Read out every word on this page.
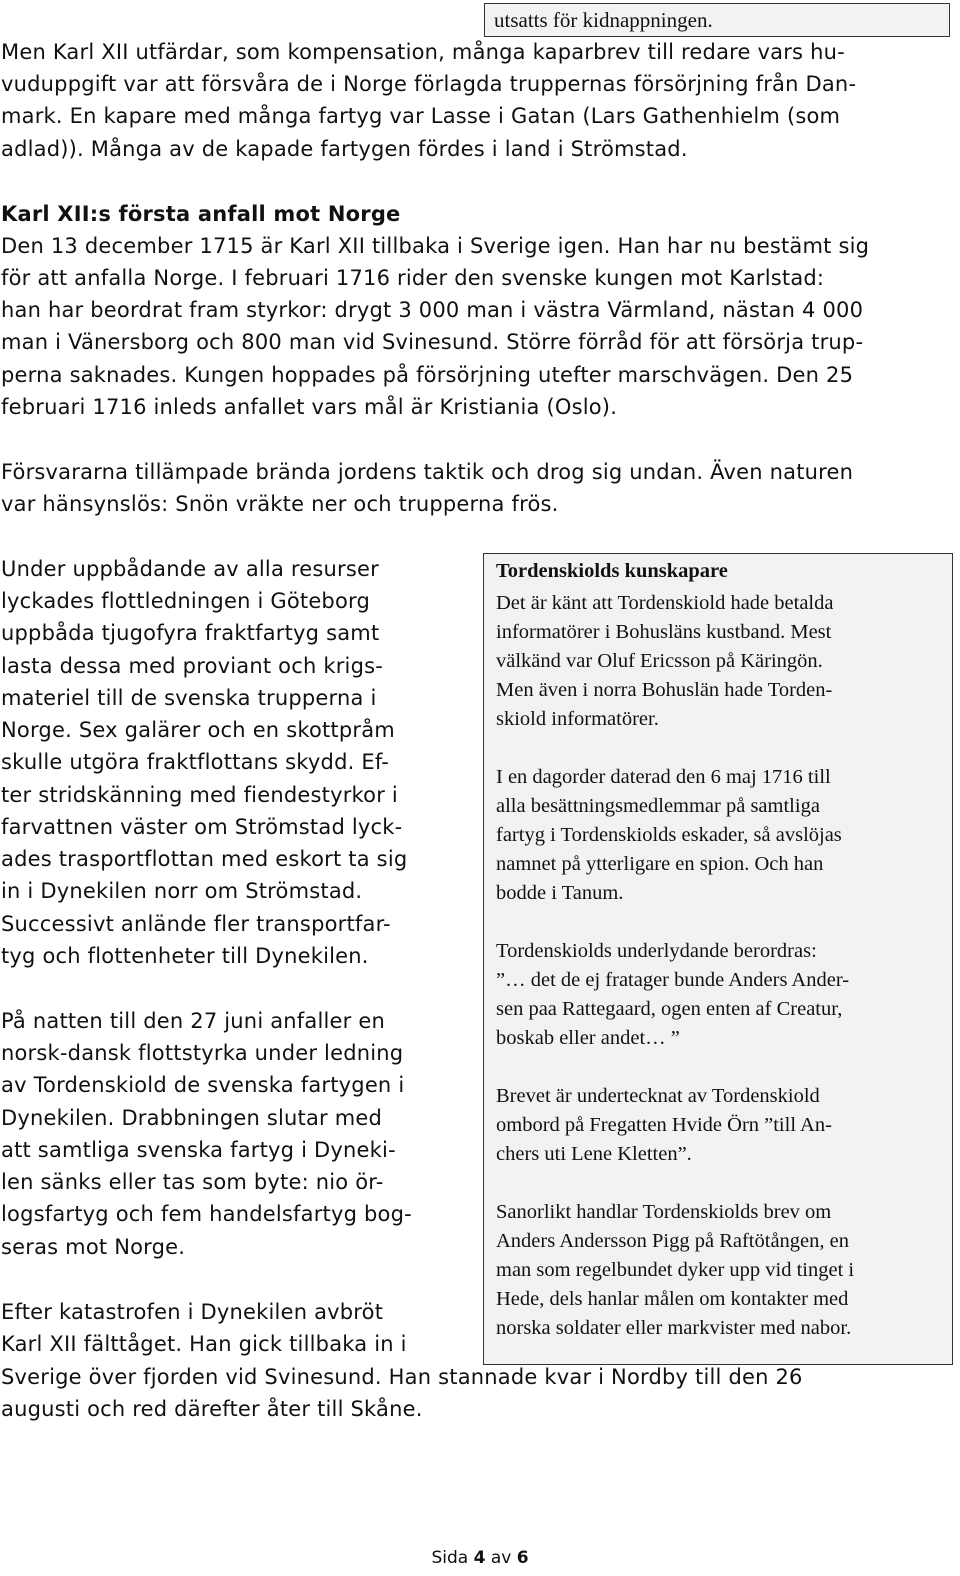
utsatts för kidnappningen.
Men Karl XII utfärdar, som kompensation, många kaparbrev till redare vars hu-
vuduppgift var att försvåra de i Norge förlagda truppernas försörjning från Dan-
mark. En kapare med många fartyg var Lasse i Gatan (Lars Gathenhielm (som
adlad)). Många av de kapade fartygen fördes i land i Strömstad.
Karl XII:s första anfall mot Norge
Den 13 december 1715 är Karl XII tillbaka i Sverige igen. Han har nu bestämt sig
för att anfalla Norge. I februari 1716 rider den svenske kungen mot Karlstad:
han har beordrat fram styrkor: drygt 3 000 man i västra Värmland, nästan 4 000
man i Vänersborg och 800 man vid Svinesund. Större förråd för att försörja trup-
perna saknades. Kungen hoppades på försörjning utefter marschvägen. Den 25
februari 1716 inleds anfallet vars mål är Kristiania (Oslo).
Försvararna tillämpade brända jordens taktik och drog sig undan. Även naturen
var hänsynslös: Snön vräkte ner och trupperna frös.
Under uppbådande av alla resurser
lyckades flottledningen i Göteborg
uppbåda tjugofyra fraktfartyg samt
lasta dessa med proviant och krigs-
materiel till de svenska trupperna i
Norge. Sex galärer och en skottpråm
skulle utgöra fraktflottans skydd. Ef-
ter stridskänning med fiendestyrkor i
farvattnen väster om Strömstad lyck-
ades trasportflottan med eskort ta sig
in i Dynekilen norr om Strömstad.
Successivt anlände fler transportfar-
tyg och flottenheter till Dynekilen.
På natten till den 27 juni anfaller en
norsk-dansk flottstyrka under ledning
av Tordenskiold de svenska fartygen i
Dynekilen. Drabbningen slutar med
att samtliga svenska fartyg i Dyneki-
len sänks eller tas som byte: nio ör-
logsfartyg och fem handelsfartyg bog-
seras mot Norge.
Efter katastrofen i Dynekilen avbröt
Karl XII fälttåget. Han gick tillbaka in i
Sverige över fjorden vid Svinesund. Han stannade kvar i Nordby till den 26
augusti och red därefter åter till Skåne.
Tordenskiolds kunskapare
Det är känt att Tordenskiold hade betalda
informatörer i Bohusläns kustband. Mest
välkänd var Oluf Ericsson på Käringön.
Men även i norra Bohuslän hade Torden-
skiold informatörer.
I en dagorder daterad den 6 maj 1716 till
alla besättningsmedlemmar på samtliga
fartyg i Tordenskiolds eskader, så avslöjas
namnet på ytterligare en spion. Och han
bodde i Tanum.
Tordenskiolds underlydande berordras:
”… det de ej fratager bunde Anders Ander-
sen paa Rattegaard, ogen enten af Creatur,
boskab eller andet… ”
Brevet är undertecknat av Tordenskiold
ombord på Fregatten Hvide Örn ”till An-
chers uti Lene Kletten”.
Sanorlikt handlar Tordenskiolds brev om
Anders Andersson Pigg på Raftötången, en
man som regelbundet dyker upp vid tinget i
Hede, dels hanlar målen om kontakter med
norska soldater eller markvister med nabor.
Sida 4 av 6
